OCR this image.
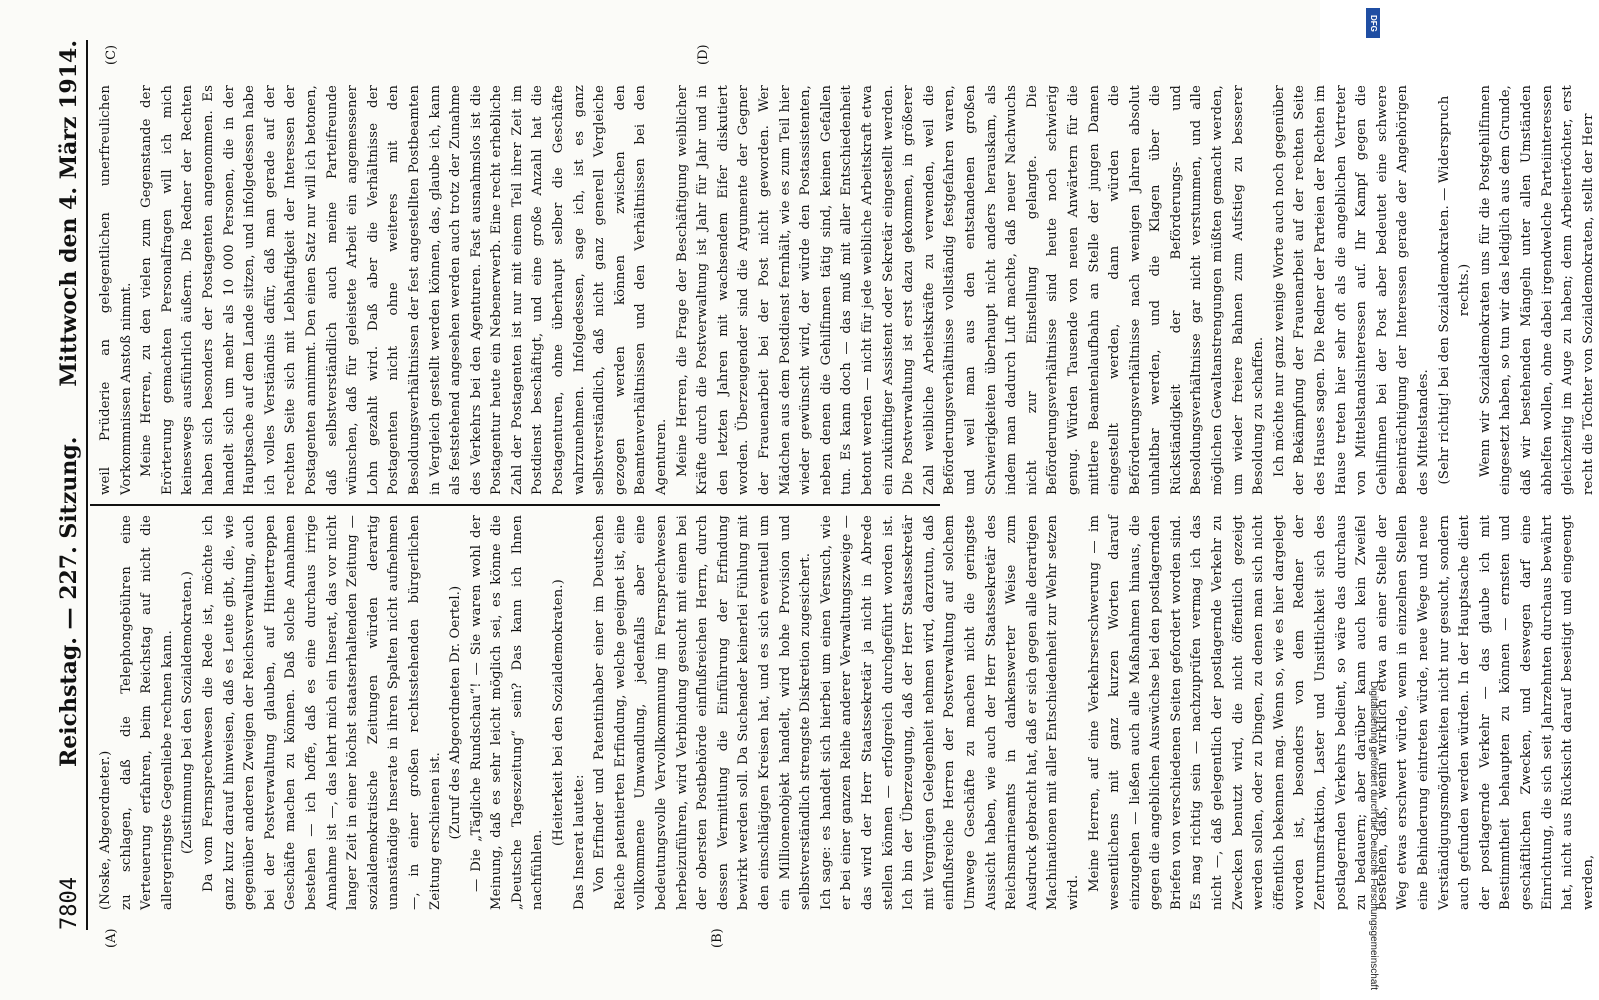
7804
Reichstag. — 227. Sitzung.
Mittwoch den 4. März 1914.
(A)	(B)
(C)	(D)

(Noske, Abgeordneter.) zu schlagen, daß die Telephongebühren eine Verteuerung erfahren, beim Reichstag auf nicht die allergeringste Gegenliebe rechnen kann. (Zustimmung bei den Sozialdemokraten.) Da vom Fernsprechwesen die Rede ist, möchte ich ganz kurz darauf hinweisen, daß es Leute gibt, die, wie gegenüber anderen Zweigen der Reichsverwaltung, auch bei der Postverwaltung glauben, auf Hintertreppen Geschäfte machen zu können. Daß solche Annahmen bestehen — ich hoffe, daß es eine durchaus irrige Annahme ist —, das lehrt mich ein Inserat, das vor nicht langer Zeit in einer höchst staatserhaltenden Zeitung — sozialdemokratische Zeitungen würden derartig unanständige Inserate in ihren Spalten nicht aufnehmen —, in einer großen rechtsstehenden bürgerlichen Zeitung erschienen ist. (Zuruf des Abgeordneten Dr. Oertel.) — Die „Tägliche Rundschau“! — Sie waren wohl der Meinung, daß es sehr leicht möglich sei, es könne die „Deutsche Tageszeitung“ sein? Das kann ich Ihnen nachfühlen.

(Heiterkeit bei den Sozialdemokraten.) Das Inserat lautete: Von Erfinder und Patentinhaber einer im Deutschen Reiche patentierten Erfindung, welche geeignet ist, eine vollkommene Umwandlung, jedenfalls aber eine bedeutungsvolle Vervollkommnung im Fernsprechwesen herbeizuführen, wird Verbindung gesucht mit einem bei der obersten Postbehörde einflußreichen Herrn, durch dessen Vermittlung die Einführung der Erfindung bewirkt werden soll. Da Suchender keinerlei Fühlung mit den einschlägigen Kreisen hat, und es sich eventuell um ein Millionenobjekt handelt, wird hohe Provision und selbstverständlich strengste Diskretion zugesichert. Ich sage: es handelt sich hierbei um einen Versuch, wie er bei einer ganzen Reihe anderer Verwaltungszweige — das wird der Herr Staatssekretär ja nicht in Abrede stellen können — erfolgreich durchgeführt worden ist. Ich bin der Überzeugung, daß der Herr Staatssekretär mit Vergnügen Gelegenheit nehmen wird, darzutun, daß einflußreiche Herren der Postverwaltung auf solchem Umwege Geschäfte zu machen nicht die geringste Aussicht haben, wie auch der Herr Staatssekretär des Reichsmarineamts in dankenswerter Weise zum Ausdruck gebracht hat, daß er sich gegen alle derartigen Machinationen mit aller Entschiedenheit zur Wehr setzen wird.

Meine Herren, auf eine Verkehrserschwerung — im wesentlichens mit ganz kurzen Worten darauf einzugehen — ließen auch alle Maßnahmen hinaus, die gegen die angeblichen Auswüchse bei den postlagernden Briefen von verschiedenen Seiten gefordert worden sind. Es mag richtig sein — nachzuprüfen vermag ich das nicht —, daß gelegentlich der postlagernde Verkehr zu Zwecken benutzt wird, die nicht öffentlich gezeigt werden sollen, oder zu Dingen, zu denen man sich nicht öffentlich bekennen mag. Wenn so, wie es hier dargelegt worden ist, besonders von dem Redner der Zentrumsfraktion, Laster und Unsittlichkeit sich des postlagernden Verkehrs bedient, so wäre das durchaus zu bedauern; aber darüber kann auch kein Zweifel bestehen, daß, wenn wirklich etwa an einer Stelle der Weg etwas erschwert würde, wenn in einzelnen Stellen eine Behinderung eintreten würde, neue Wege und neue Verständigungsmöglichkeiten nicht nur gesucht, sondern auch gefunden werden würden. In der Hauptsache dient der postlagernde Verkehr — das glaube ich mit Bestimmtheit behaupten zu können — ernsten und geschäftlichen Zwecken, und deswegen darf eine Einrichtung, die sich seit Jahrzehnten durchaus bewährt hat, nicht aus Rücksicht darauf beseitigt und eingeengt werden,

weil Prüderie an gelegentlichen unerfreulichen Vorkommnissen Anstoß nimmt. Meine Herren, zu den vielen zum Gegenstande der Erörterung gemachten Personalfragen will ich mich keineswegs ausführlich äußern. Die Redner der Rechten haben sich besonders der Postagenten angenommen. Es handelt sich um mehr als 10 000 Personen, die in der Hauptsache auf dem Lande sitzen, und infolgedessen habe ich volles Verständnis dafür, daß man gerade auf der rechten Seite sich mit Lebhaftigkeit der Interessen der Postagenten annimmt. Den einen Satz nur will ich betonen, daß selbstverständlich auch meine Parteifreunde wünschen, daß für geleistete Arbeit ein angemessener Lohn gezahlt wird. Daß aber die Verhältnisse der Postagenten nicht ohne weiteres mit den Besoldungsverhältnissen der fest angestellten Postbeamten in Vergleich gestellt werden können, das, glaube ich, kann als feststehend angesehen werden auch trotz der Zunahme des Verkehrs bei den Agenturen. Fast ausnahmslos ist die Postagentur heute ein Nebenerwerb. Eine recht erhebliche Zahl der Postagenten ist nur mit einem Teil ihrer Zeit im Postdienst beschäftigt, und eine große Anzahl hat die Postagenturen, ohne überhaupt selber die Geschäfte wahrzunehmen. Infolgedessen, sage ich, ist es ganz selbstverständlich, daß nicht ganz generell Vergleiche gezogen werden können zwischen den Beamtenverhältnissen und den Verhältnissen bei den Agenturen. Meine Herren, die Frage der Beschäftigung weiblicher Kräfte durch die Postverwaltung ist Jahr für Jahr und in den letzten Jahren mit wachsendem Eifer diskutiert worden. Überzeugender sind die Argumente der Gegner der Frauenarbeit bei der Post nicht geworden. Wer Mädchen aus dem Postdienst fernhält, wie es zum Teil hier wieder gewünscht wird, der würde den Postassistenten, neben denen die Gehilfinnen tätig sind, keinen Gefallen tun. Es kann doch — das muß mit aller Entschiedenheit betont werden — nicht für jede weibliche Arbeitskraft etwa ein zukünftiger Assistent oder Sekretär eingestellt werden. Die Postverwaltung ist erst dazu gekommen, in größerer Zahl weibliche Arbeitskräfte zu verwenden, weil die Beförderungsverhältnisse vollständig festgefahren waren, und weil man aus den entstandenen großen Schwierigkeiten überhaupt nicht anders herauskam, als indem man dadurch Luft machte, daß neuer Nachwuchs nicht zur Einstellung gelangte. Die Beförderungsverhältnisse sind heute noch schwierig genug. Würden Tausende von neuen Anwärtern für die mittlere Beamtenlaufbahn an Stelle der jungen Damen eingestellt werden, dann würden die Beförderungsverhältnisse nach wenigen Jahren absolut unhaltbar werden, und die Klagen über die Rückständigkeit der Beförderungs- und Besoldungsverhältnisse gar nicht verstummen, und alle möglichen Gewaltanstrengungen müßten gemacht werden, um wieder freiere Bahnen zum Aufstieg zu besserer Besoldung zu schaffen. Ich möchte nur ganz wenige Worte auch noch gegenüber der Bekämpfung der Frauenarbeit auf der rechten Seite des Hauses sagen. Die Redner der Parteien der Rechten im Hause treten hier sehr oft als die angeblichen Vertreter von Mittelstandsinteressen auf. Ihr Kampf gegen die Gehilfinnen bei der Post aber bedeutet eine schwere Beeinträchtigung der Interessen gerade der Angehörigen des Mittelstandes. (Sehr richtig! bei den Sozialdemokraten. — Widerspruch rechts.) Wenn wir Sozialdemokraten uns für die Postgehilfinnen eingesetzt haben, so tun wir das lediglich aus dem Grunde, daß wir bestehenden Mängeln unter allen Umständen abhelfen wollen, ohne dabei irgendwelche Parteiinteressen gleichzeitig im Auge zu haben; denn Arbeitertöchter, erst recht die Töchter von Sozialdemokraten, stellt der Herr

Digitalisierung gefördert durch die Deutsche Forschungsgemeinschaft
DFG
